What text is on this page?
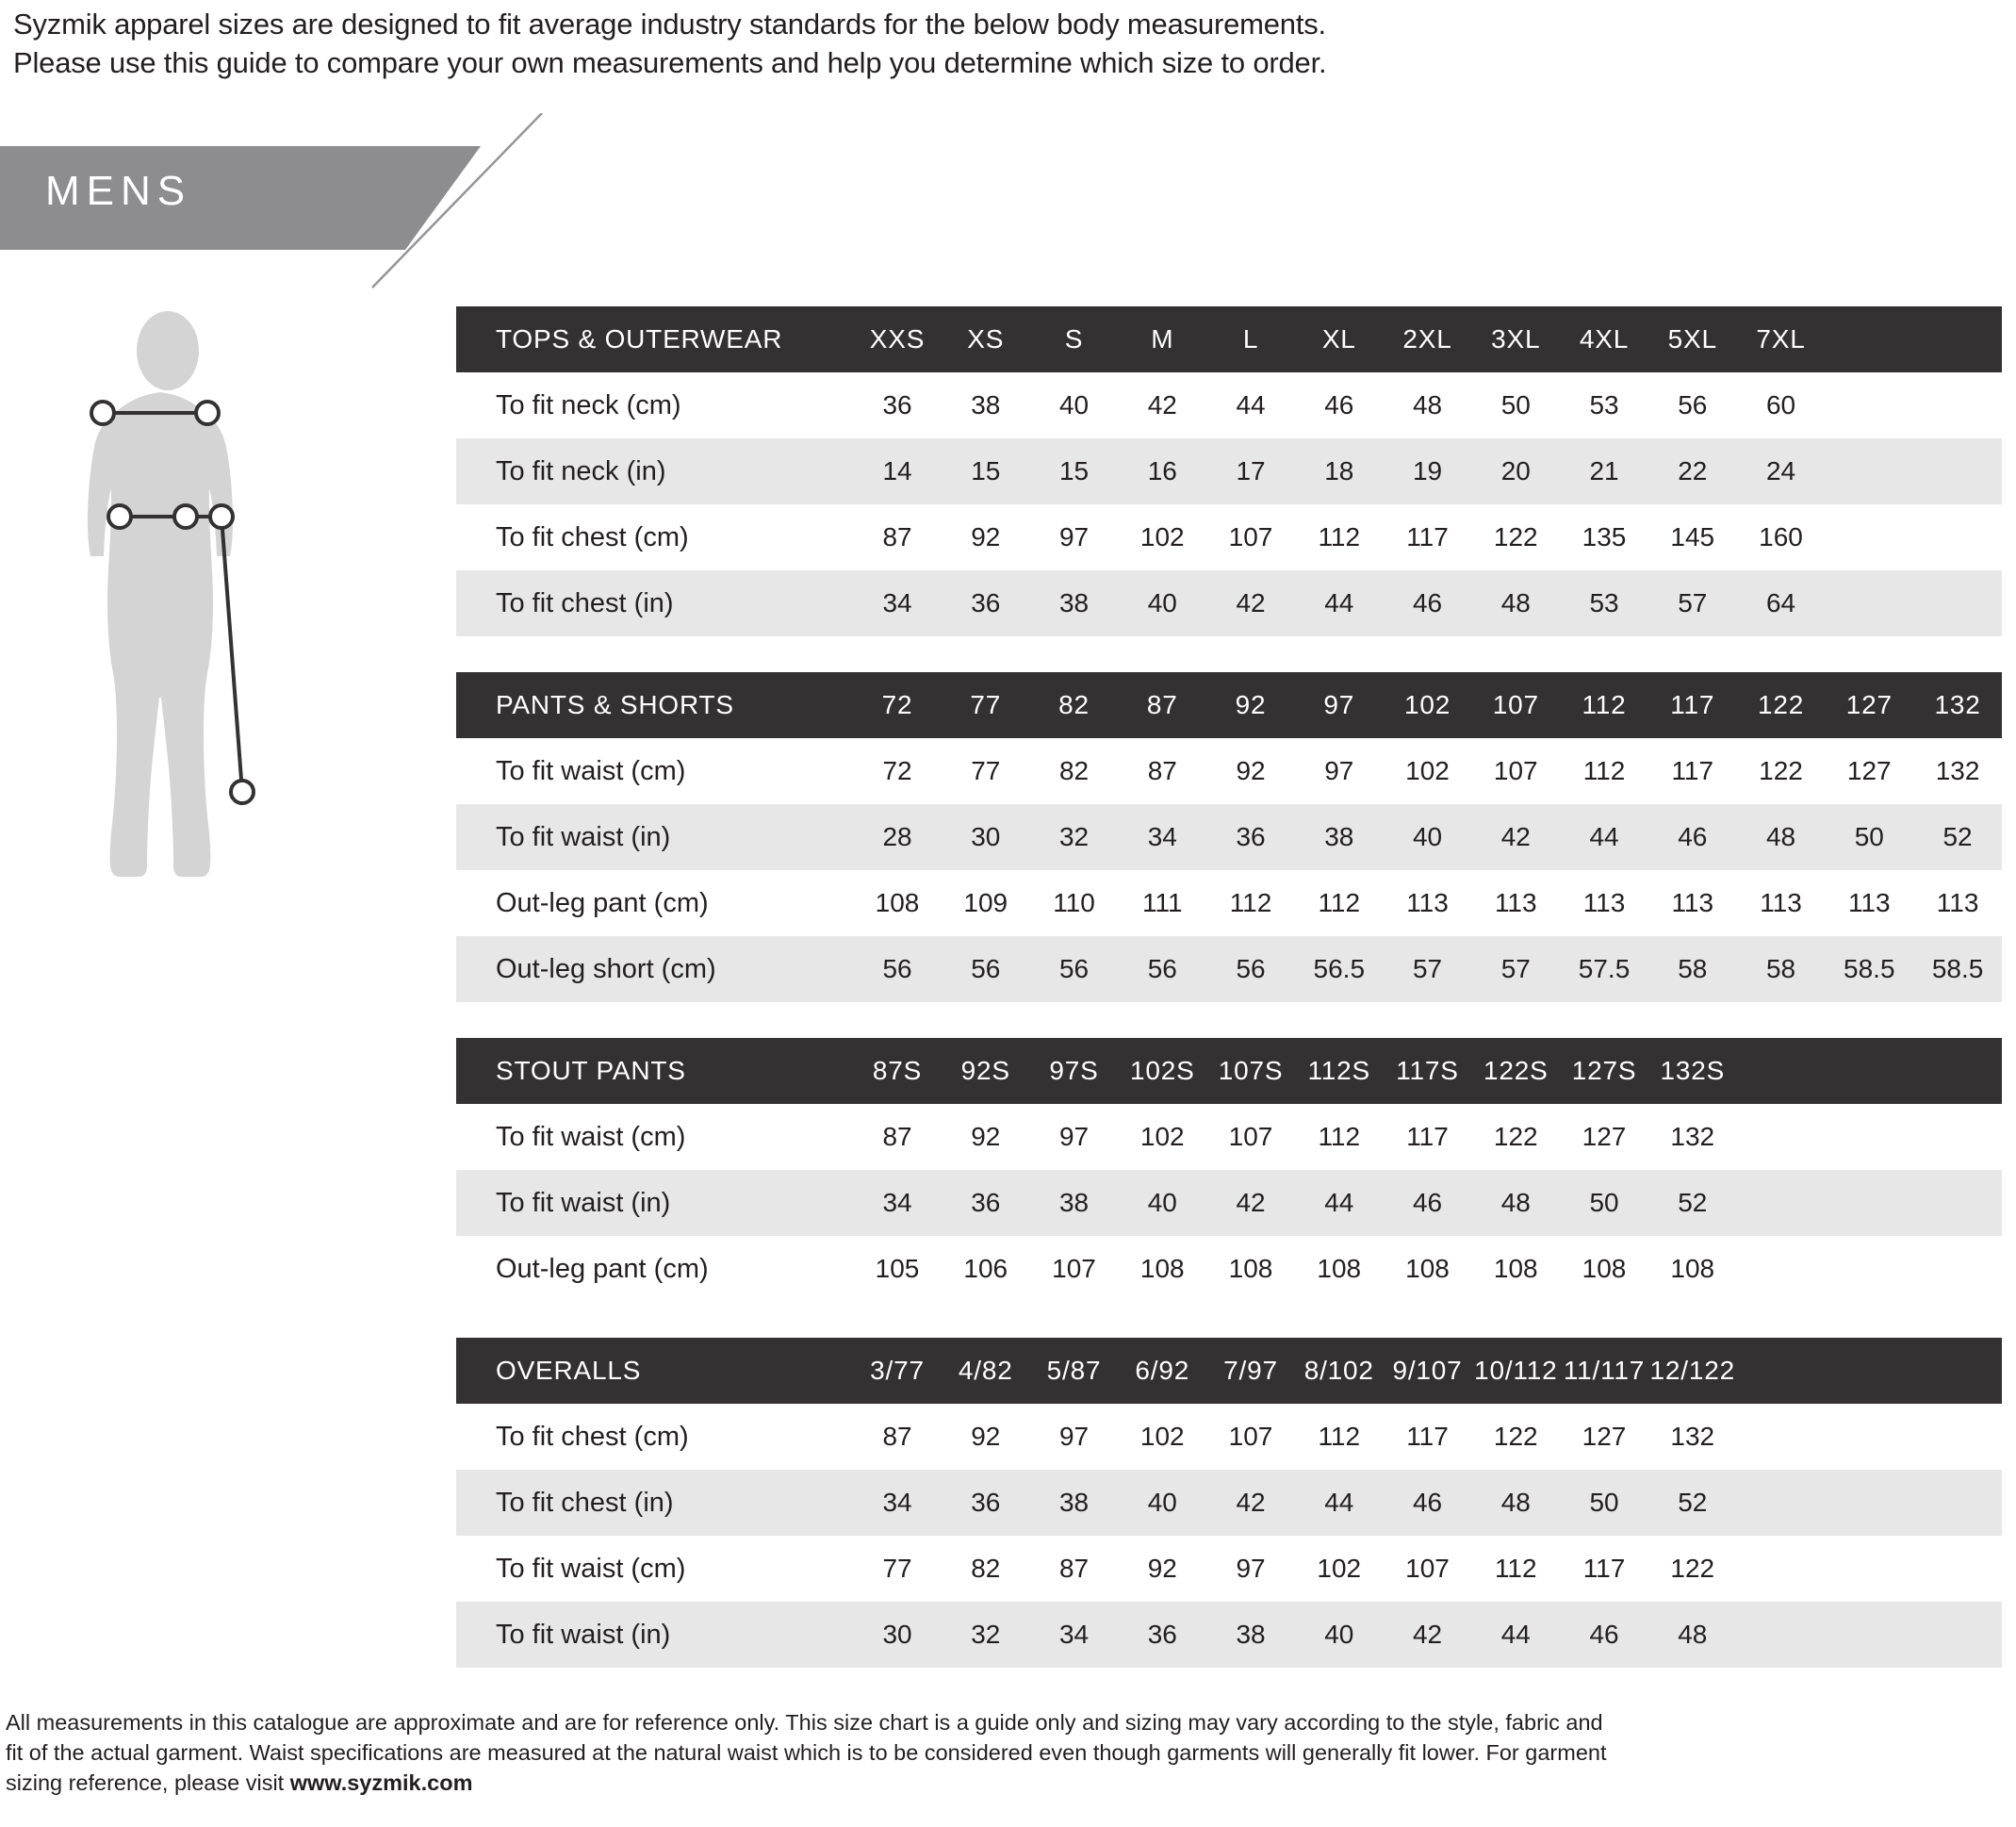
Syzmik apparel sizes are designed to fit average industry standards for the below body measurements.
Please use this guide to compare your own measurements and help you determine which size to order.
MENS
TOPS & OUTERWEAR	XXS	XS	S	M	L	XL	2XL	3XL	4XL	5XL	7XL		
To fit neck (cm)	36	38	40	42	44	46	48	50	53	56	60		
To fit neck (in)	14	15	15	16	17	18	19	20	21	22	24		
To fit chest (cm)	87	92	97	102	107	112	117	122	135	145	160		
To fit chest (in)	34	36	38	40	42	44	46	48	53	57	64		
PANTS & SHORTS	72	77	82	87	92	97	102	107	112	117	122	127	132
To fit waist (cm)	72	77	82	87	92	97	102	107	112	117	122	127	132
To fit waist (in)	28	30	32	34	36	38	40	42	44	46	48	50	52
Out-leg pant (cm)	108	109	110	111	112	112	113	113	113	113	113	113	113
Out-leg short (cm)	56	56	56	56	56	56.5	57	57	57.5	58	58	58.5	58.5
STOUT PANTS	87S	92S	97S	102S	107S	112S	117S	122S	127S	132S			
To fit waist (cm)	87	92	97	102	107	112	117	122	127	132			
To fit waist (in)	34	36	38	40	42	44	46	48	50	52			
Out-leg pant (cm)	105	106	107	108	108	108	108	108	108	108			
OVERALLS	3/77	4/82	5/87	6/92	7/97	8/102	9/107	10/112	11/117	12/122			
To fit chest (cm)	87	92	97	102	107	112	117	122	127	132			
To fit chest (in)	34	36	38	40	42	44	46	48	50	52			
To fit waist (cm)	77	82	87	92	97	102	107	112	117	122			
To fit waist (in)	30	32	34	36	38	40	42	44	46	48			
All measurements in this catalogue are approximate and are for reference only. This size chart is a guide only and sizing may vary according to the style, fabric and
fit of the actual garment. Waist specifications are measured at the natural waist which is to be considered even though garments will generally fit lower. For garment
sizing reference, please visit www.syzmik.com
